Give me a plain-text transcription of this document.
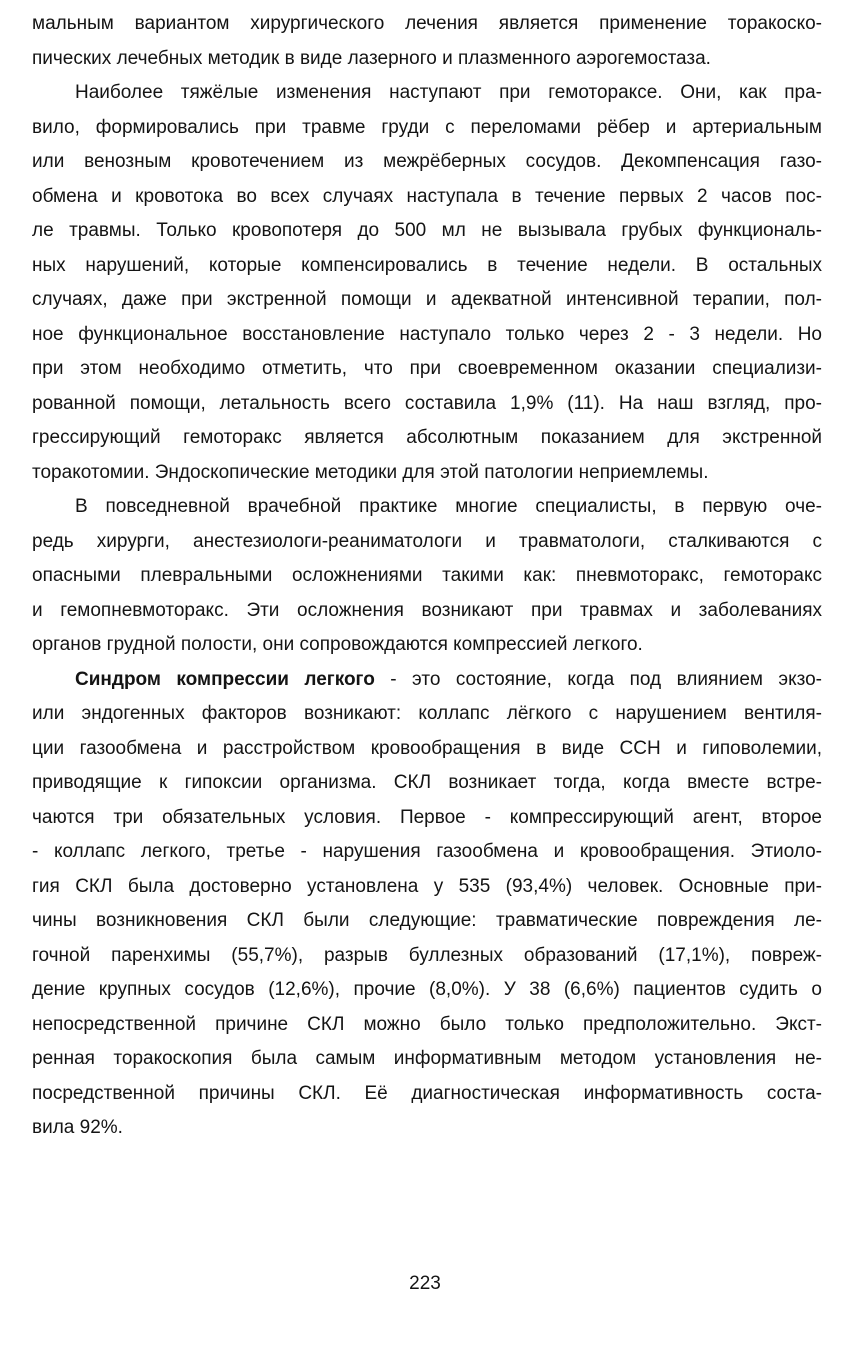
мальным вариантом хирургического лечения является применение торакоско-
пических лечебных методик в виде лазерного и плазменного аэрогемостаза.
Наиболее тяжёлые изменения наступают при гемотораксе. Они, как пра-
вило, формировались при травме груди с переломами рёбер и артериальным
или венозным кровотечением из межрёберных сосудов. Декомпенсация газо-
обмена и кровотока во всех случаях наступала в течение первых 2 часов пос-
ле травмы. Только кровопотеря до 500 мл не вызывала грубых функциональ-
ных нарушений, которые компенсировались в течение недели. В остальных
случаях, даже при экстренной помощи и адекватной интенсивной терапии, пол-
ное функциональное восстановление наступало только через 2 - 3 недели. Но
при этом необходимо отметить, что при своевременном оказании специализи-
рованной помощи, летальность всего составила 1,9% (11). На наш взгляд, про-
грессирующий гемоторакс является абсолютным показанием для экстренной
торакотомии. Эндоскопические методики для этой патологии неприемлемы.
В повседневной врачебной практике многие специалисты, в первую оче-
редь хирурги, анестезиологи-реаниматологи и травматологи, сталкиваются с
опасными плевральными осложнениями такими как: пневмоторакс, гемоторакс
и гемопневмоторакс. Эти осложнения возникают при травмах и заболеваниях
органов грудной полости, они сопровождаются компрессией легкого.
Синдром компрессии легкого - это состояние, когда под влиянием экзо-
или эндогенных факторов возникают: коллапс лёгкого с нарушением вентиля-
ции газообмена и расстройством кровообращения в виде ССН и гиповолемии,
приводящие к гипоксии организма. СКЛ возникает тогда, когда вместе встре-
чаются три обязательных условия. Первое - компрессирующий агент, второе
- коллапс легкого, третье - нарушения газообмена и кровообращения. Этиоло-
гия СКЛ была достоверно установлена у 535 (93,4%) человек. Основные при-
чины возникновения СКЛ были следующие: травматические повреждения ле-
гочной паренхимы (55,7%), разрыв буллезных образований (17,1%), повреж-
дение крупных сосудов (12,6%), прочие (8,0%). У 38 (6,6%) пациентов судить о
непосредственной причине СКЛ можно было только предположительно. Экст-
ренная торакоскопия была самым информативным методом установления не-
посредственной причины СКЛ. Её диагностическая информативность соста-
вила 92%.
223
